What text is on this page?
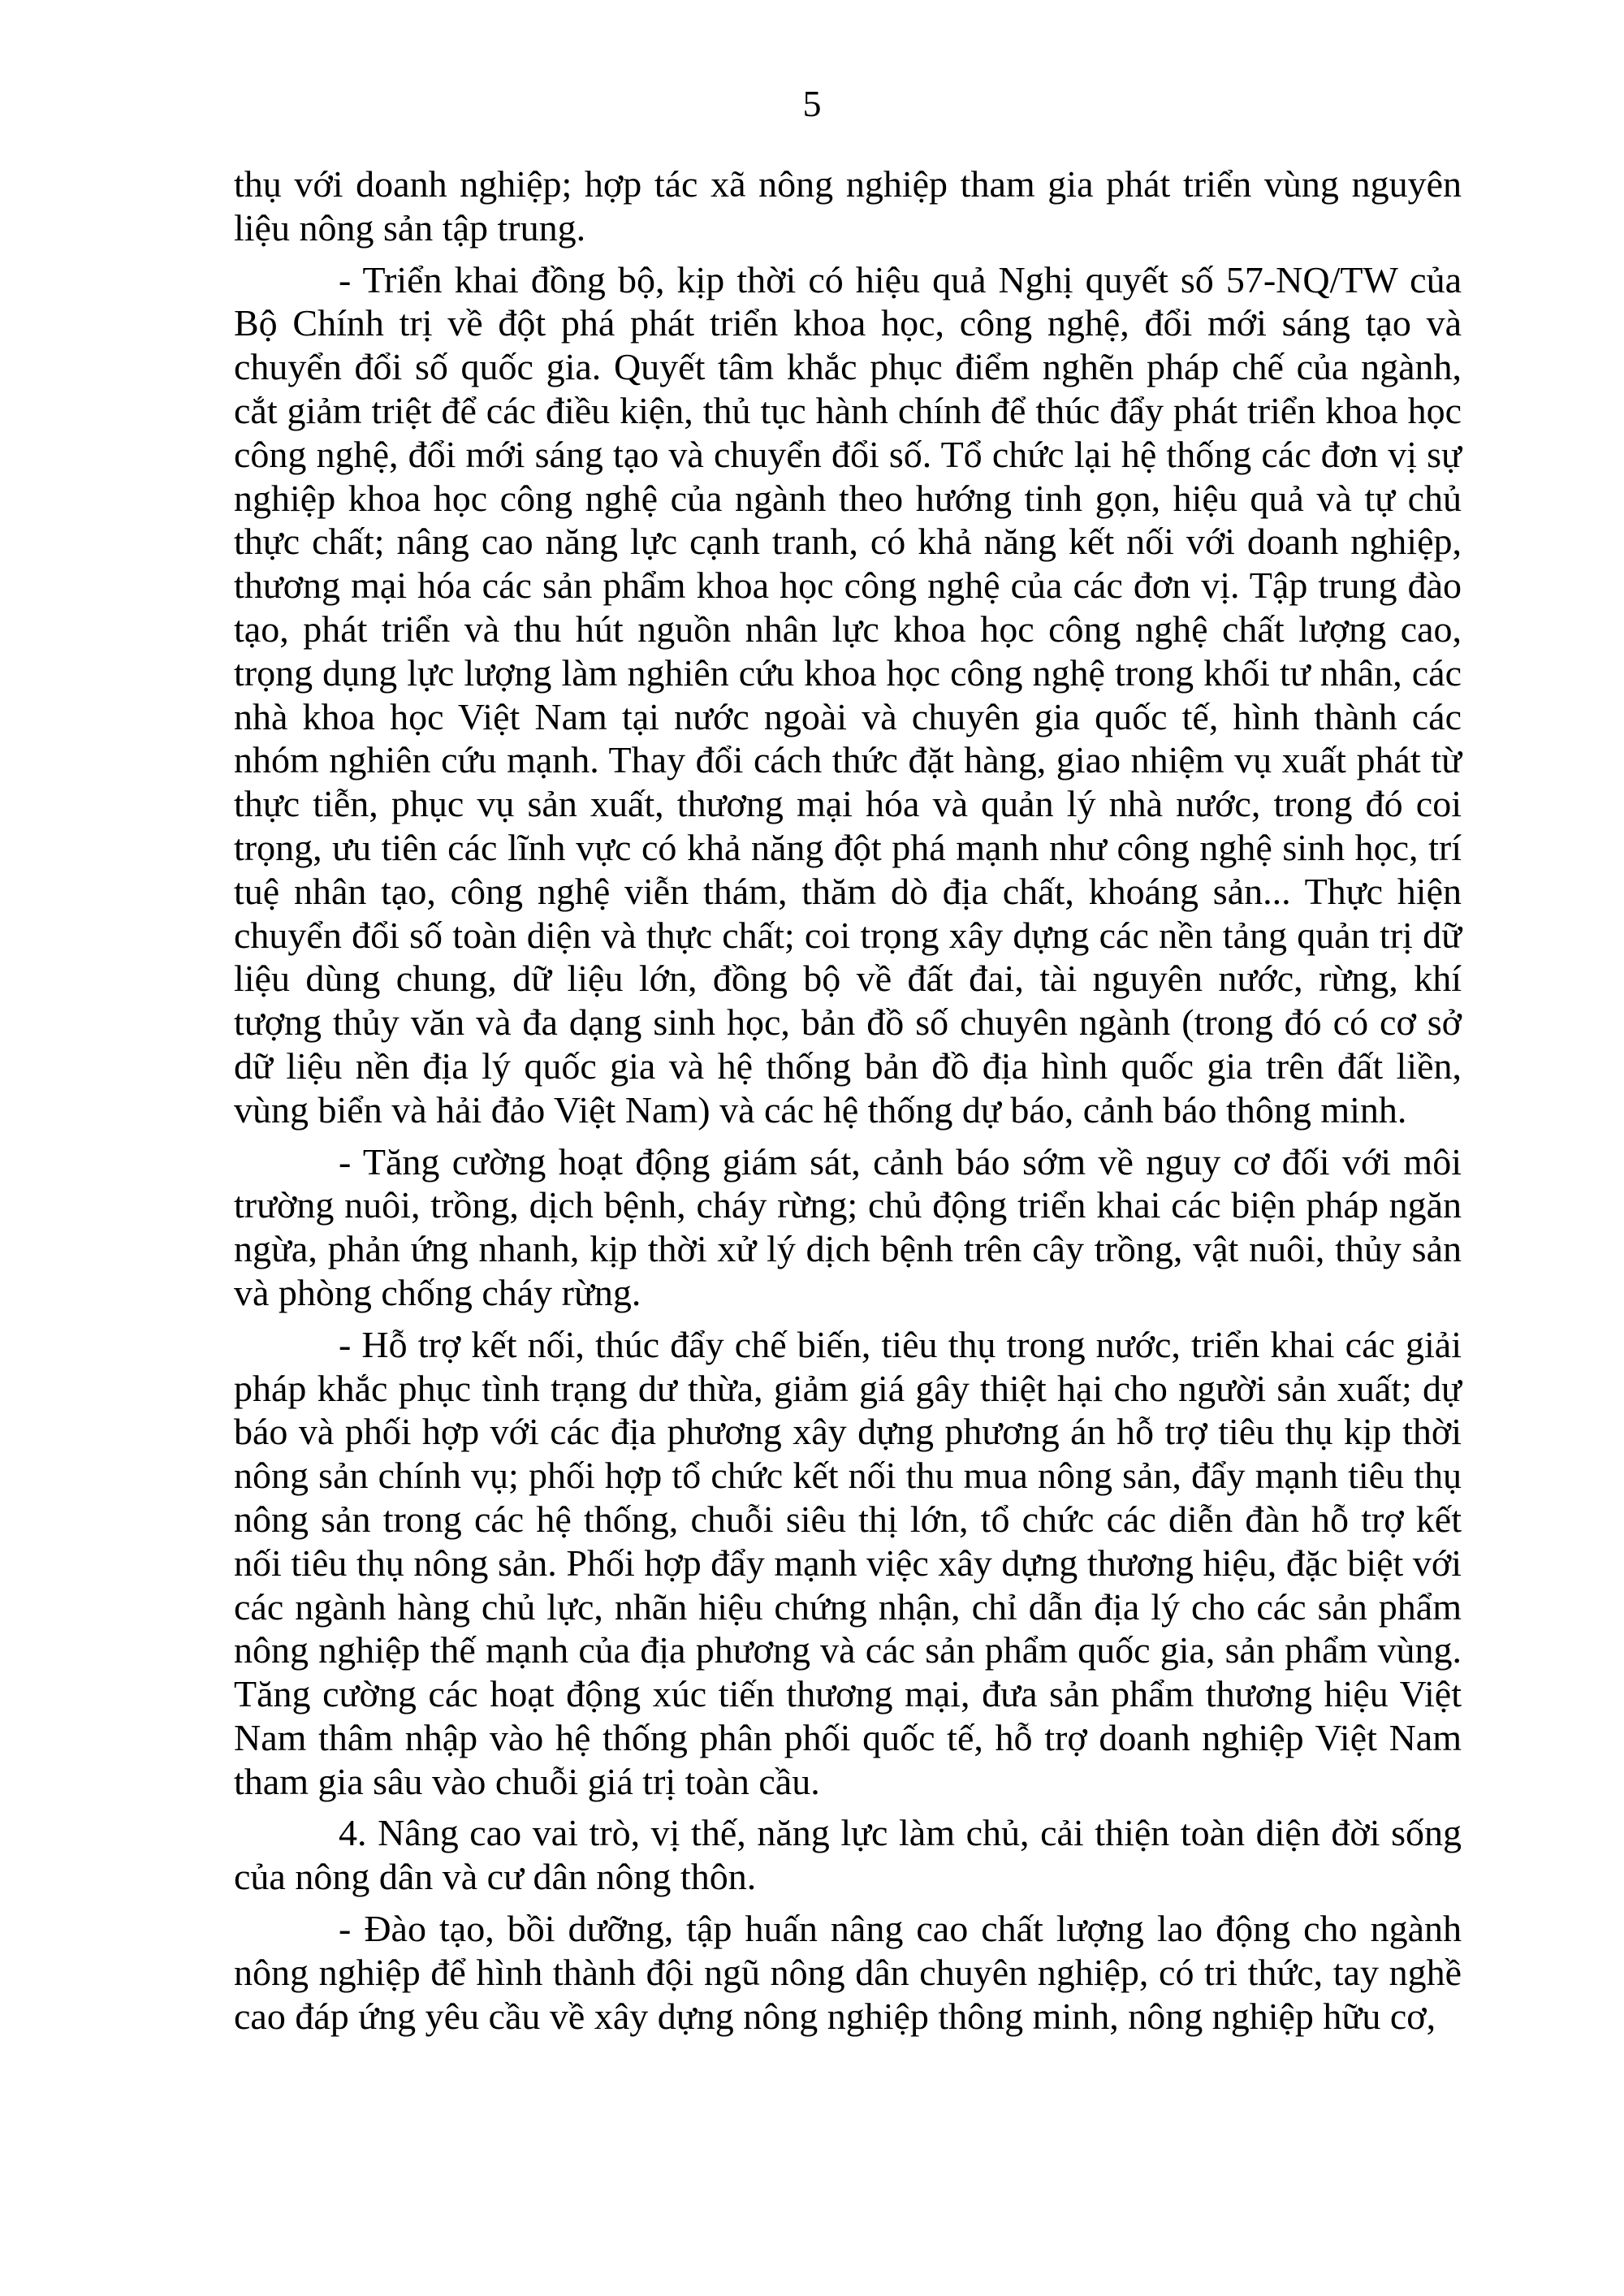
5

thụ với doanh nghiệp; hợp tác xã nông nghiệp tham gia phát triển vùng nguyên liệu nông sản tập trung.

- Triển khai đồng bộ, kịp thời có hiệu quả Nghị quyết số 57-NQ/TW của Bộ Chính trị về đột phá phát triển khoa học, công nghệ, đổi mới sáng tạo và chuyển đổi số quốc gia. Quyết tâm khắc phục điểm nghẽn pháp chế của ngành, cắt giảm triệt để các điều kiện, thủ tục hành chính để thúc đẩy phát triển khoa học công nghệ, đổi mới sáng tạo và chuyển đổi số. Tổ chức lại hệ thống các đơn vị sự nghiệp khoa học công nghệ của ngành theo hướng tinh gọn, hiệu quả và tự chủ thực chất; nâng cao năng lực cạnh tranh, có khả năng kết nối với doanh nghiệp, thương mại hóa các sản phẩm khoa học công nghệ của các đơn vị. Tập trung đào tạo, phát triển và thu hút nguồn nhân lực khoa học công nghệ chất lượng cao, trọng dụng lực lượng làm nghiên cứu khoa học công nghệ trong khối tư nhân, các nhà khoa học Việt Nam tại nước ngoài và chuyên gia quốc tế, hình thành các nhóm nghiên cứu mạnh. Thay đổi cách thức đặt hàng, giao nhiệm vụ xuất phát từ thực tiễn, phục vụ sản xuất, thương mại hóa và quản lý nhà nước, trong đó coi trọng, ưu tiên các lĩnh vực có khả năng đột phá mạnh như công nghệ sinh học, trí tuệ nhân tạo, công nghệ viễn thám, thăm dò địa chất, khoáng sản... Thực hiện chuyển đổi số toàn diện và thực chất; coi trọng xây dựng các nền tảng quản trị dữ liệu dùng chung, dữ liệu lớn, đồng bộ về đất đai, tài nguyên nước, rừng, khí tượng thủy văn và đa dạng sinh học, bản đồ số chuyên ngành (trong đó có cơ sở dữ liệu nền địa lý quốc gia và hệ thống bản đồ địa hình quốc gia trên đất liền, vùng biển và hải đảo Việt Nam) và các hệ thống dự báo, cảnh báo thông minh.

- Tăng cường hoạt động giám sát, cảnh báo sớm về nguy cơ đối với môi trường nuôi, trồng, dịch bệnh, cháy rừng; chủ động triển khai các biện pháp ngăn ngừa, phản ứng nhanh, kịp thời xử lý dịch bệnh trên cây trồng, vật nuôi, thủy sản và phòng chống cháy rừng.

- Hỗ trợ kết nối, thúc đẩy chế biến, tiêu thụ trong nước, triển khai các giải pháp khắc phục tình trạng dư thừa, giảm giá gây thiệt hại cho người sản xuất; dự báo và phối hợp với các địa phương xây dựng phương án hỗ trợ tiêu thụ kịp thời nông sản chính vụ; phối hợp tổ chức kết nối thu mua nông sản, đẩy mạnh tiêu thụ nông sản trong các hệ thống, chuỗi siêu thị lớn, tổ chức các diễn đàn hỗ trợ kết nối tiêu thụ nông sản. Phối hợp đẩy mạnh việc xây dựng thương hiệu, đặc biệt với các ngành hàng chủ lực, nhãn hiệu chứng nhận, chỉ dẫn địa lý cho các sản phẩm nông nghiệp thế mạnh của địa phương và các sản phẩm quốc gia, sản phẩm vùng. Tăng cường các hoạt động xúc tiến thương mại, đưa sản phẩm thương hiệu Việt Nam thâm nhập vào hệ thống phân phối quốc tế, hỗ trợ doanh nghiệp Việt Nam tham gia sâu vào chuỗi giá trị toàn cầu.

4. Nâng cao vai trò, vị thế, năng lực làm chủ, cải thiện toàn diện đời sống của nông dân và cư dân nông thôn.

- Đào tạo, bồi dưỡng, tập huấn nâng cao chất lượng lao động cho ngành nông nghiệp để hình thành đội ngũ nông dân chuyên nghiệp, có tri thức, tay nghề cao đáp ứng yêu cầu về xây dựng nông nghiệp thông minh, nông nghiệp hữu cơ,
